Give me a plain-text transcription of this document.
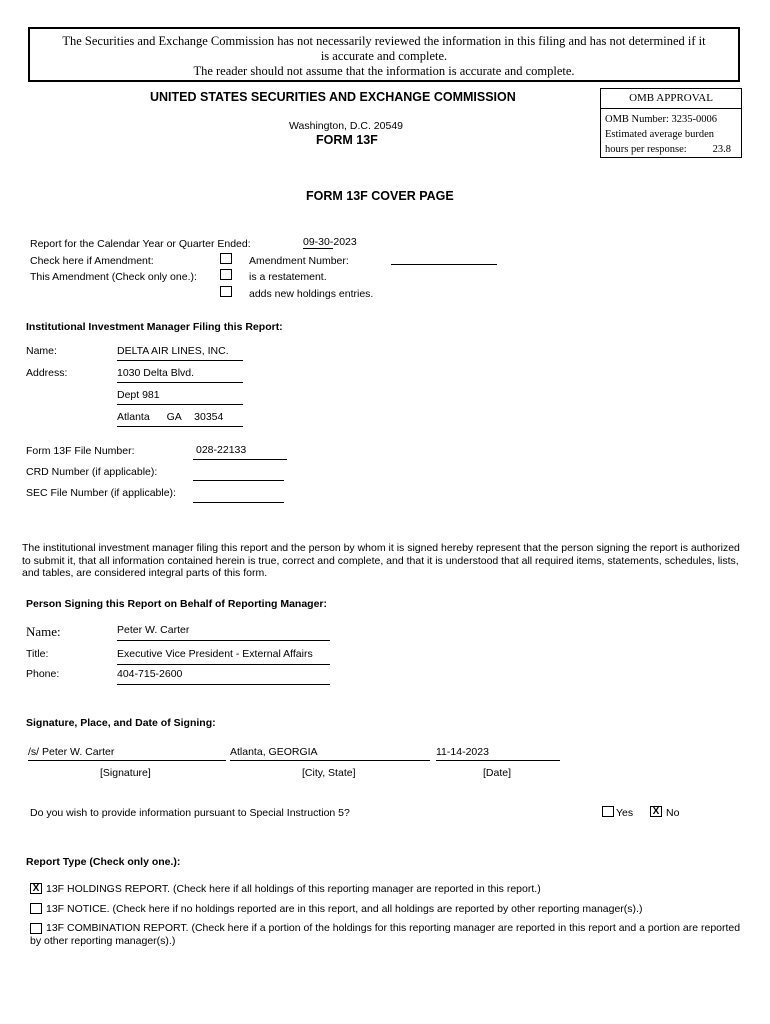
The Securities and Exchange Commission has not necessarily reviewed the information in this filing and has not determined if it
is accurate and complete.
The reader should not assume that the information is accurate and complete.
UNITED STATES SECURITIES AND EXCHANGE COMMISSION
Washington, D.C. 20549
FORM 13F
OMB APPROVAL
OMB Number: 3235-0006
Estimated average burden
hours per response: 23.8
FORM 13F COVER PAGE
Report for the Calendar Year or Quarter Ended:	09-30-2023
Check here if Amendment:	Amendment Number:
This Amendment (Check only one.):	is a restatement.
adds new holdings entries.
Institutional Investment Manager Filing this Report:
Name:	DELTA AIR LINES, INC.
Address:	1030 Delta Blvd.
Dept 981
Atlanta GA 30354
Form 13F File Number:	028-22133
CRD Number (if applicable):
SEC File Number (if applicable):
The institutional investment manager filing this report and the person by whom it is signed hereby represent that the person signing the report is authorized to submit it, that all information contained herein is true, correct and complete, and that it is understood that all required items, statements, schedules, lists, and tables, are considered integral parts of this form.
Person Signing this Report on Behalf of Reporting Manager:
Name:	Peter W. Carter
Title:	Executive Vice President - External Affairs
Phone:	404-715-2600
Signature, Place, and Date of Signing:
/s/ Peter W. Carter	Atlanta, GEORGIA	11-14-2023
[Signature]	[City, State]	[Date]
Do you wish to provide information pursuant to Special Instruction 5?	Yes X No
Report Type (Check only one.):
X 13F HOLDINGS REPORT. (Check here if all holdings of this reporting manager are reported in this report.)
13F NOTICE. (Check here if no holdings reported are in this report, and all holdings are reported by other reporting manager(s).)
13F COMBINATION REPORT. (Check here if a portion of the holdings for this reporting manager are reported in this report and a portion are reported by other reporting manager(s).)
